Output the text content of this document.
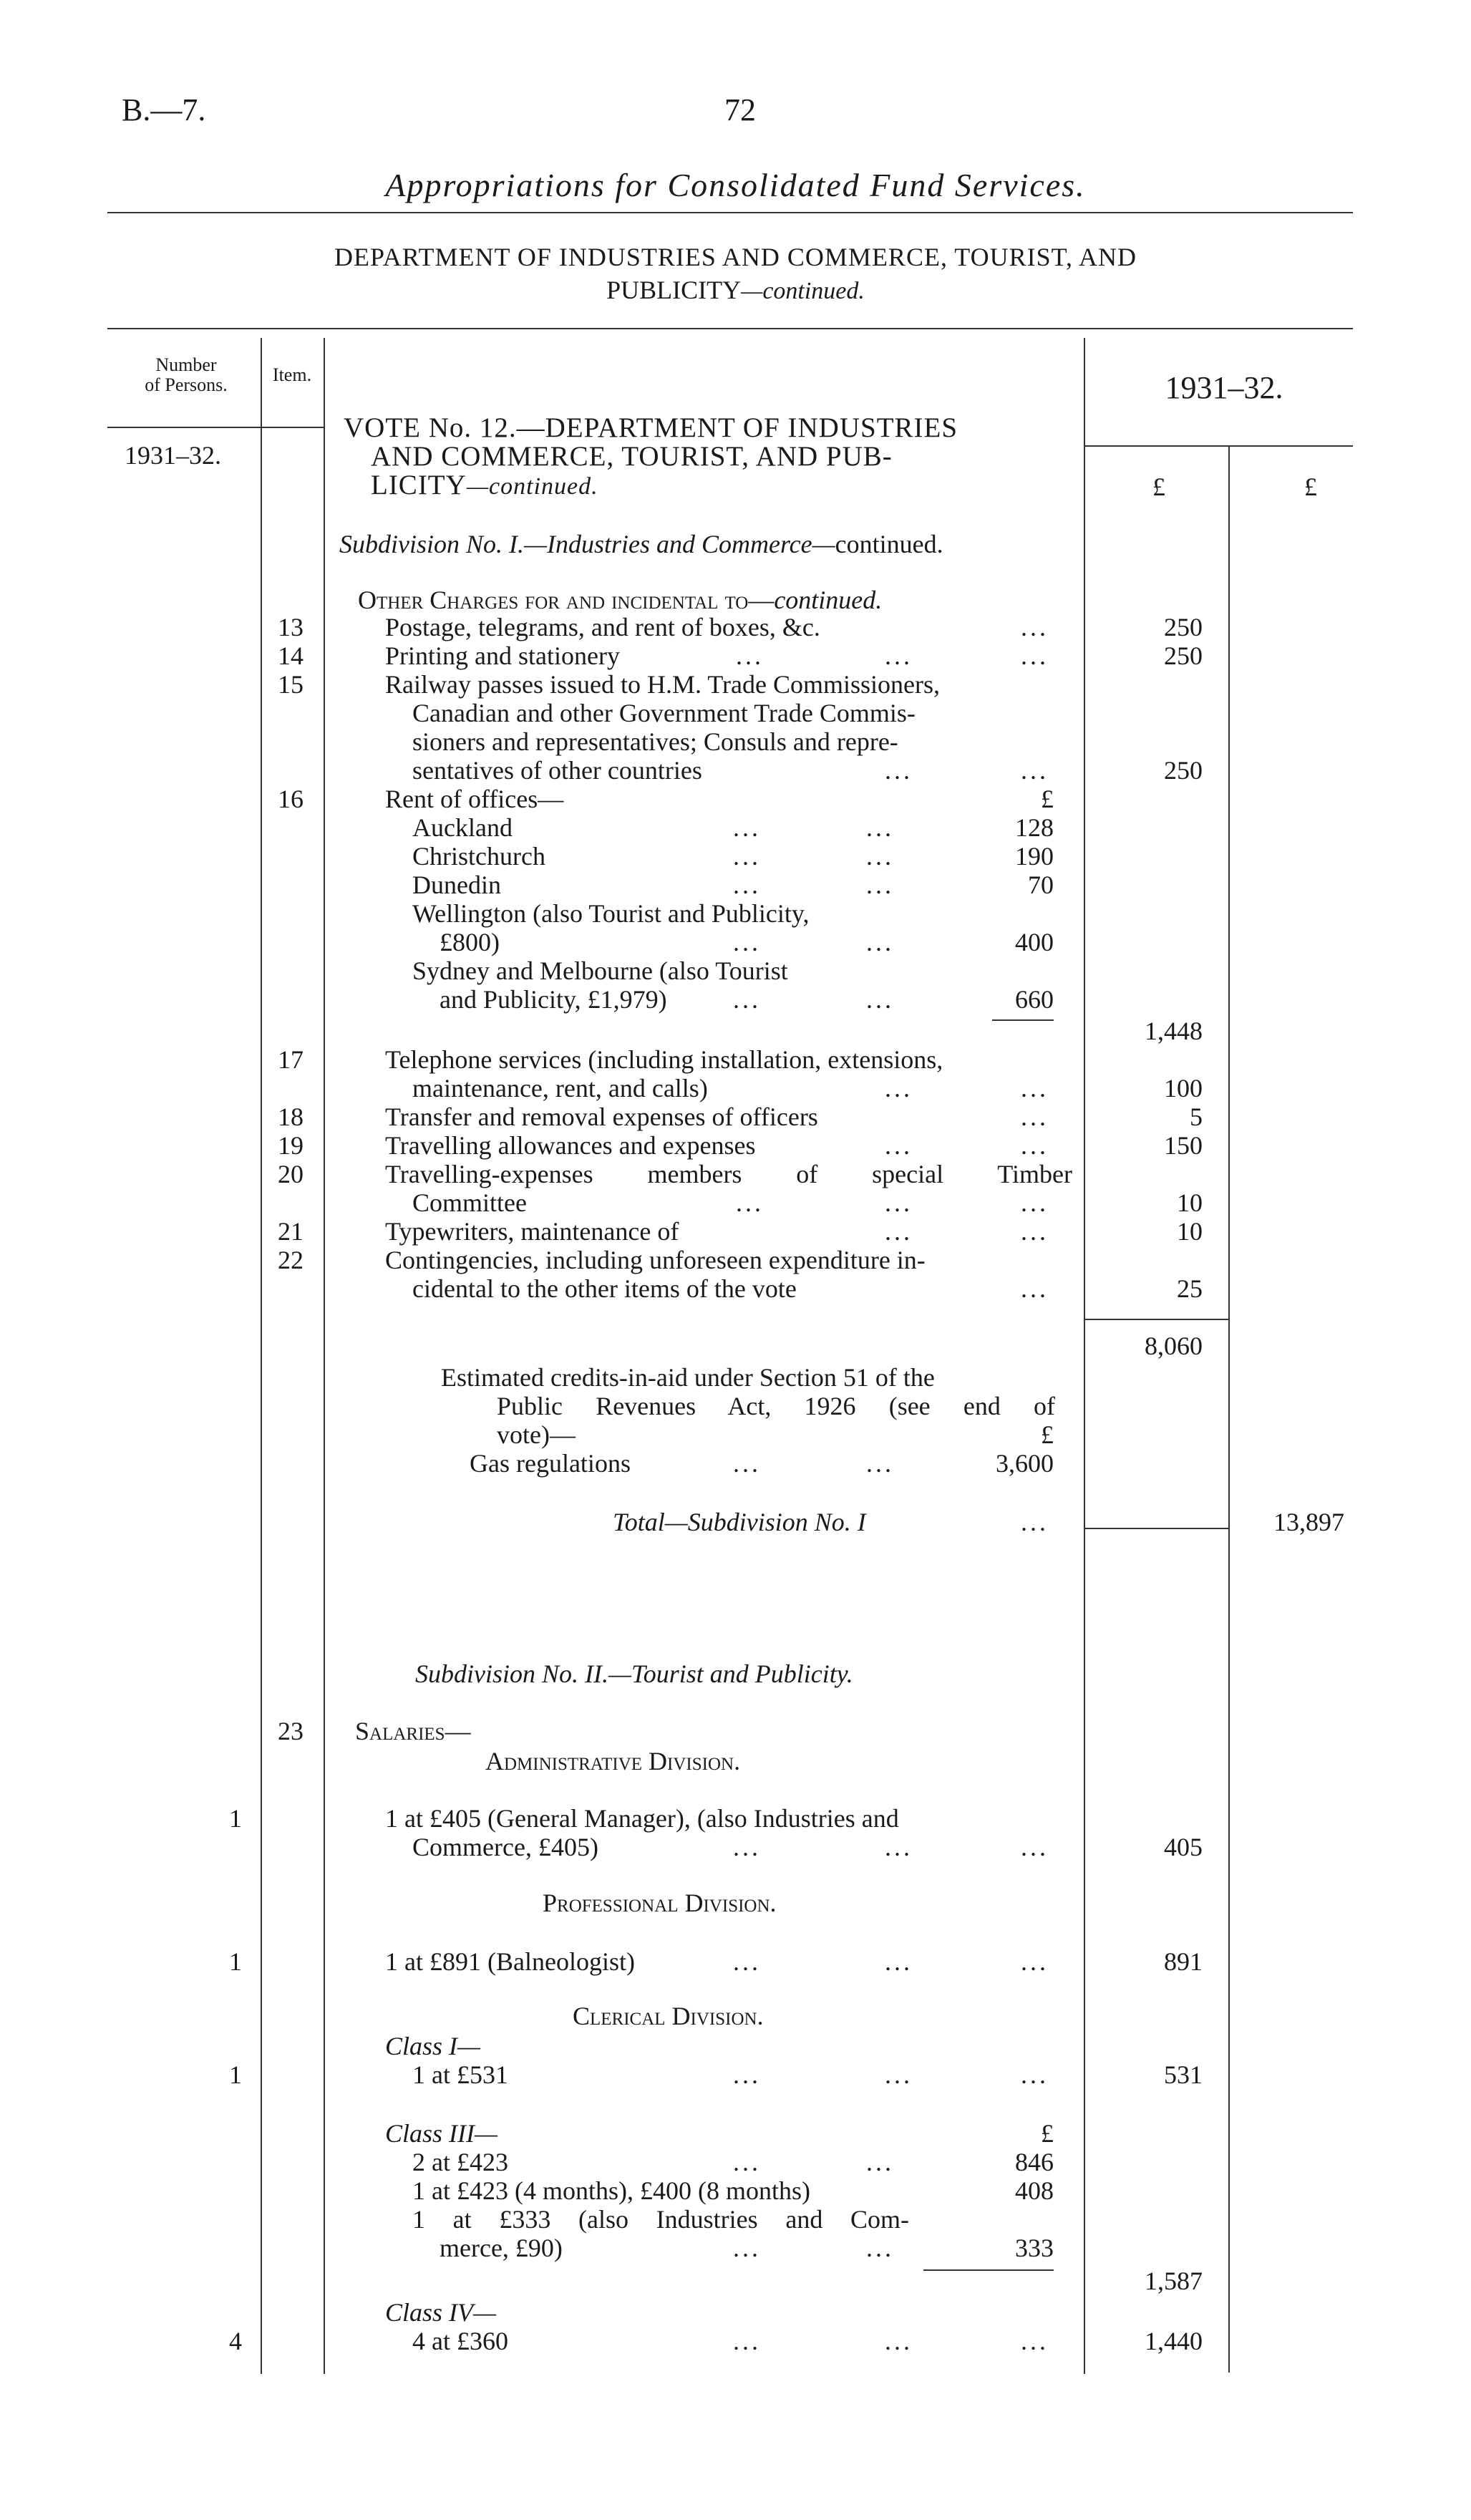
B.—7.	72
Appropriations for Consolidated Fund Services.
DEPARTMENT OF INDUSTRIES AND COMMERCE, TOURIST, AND
PUBLICITY—continued.
Number
of Persons.	Item.	1931–32.
1931–32.
£	£
VOTE No. 12.—DEPARTMENT OF INDUSTRIES
AND COMMERCE, TOURIST, AND PUB-
LICITY—continued.
Subdivision No. I.—Industries and Commerce—continued.
Other Charges for and incidental to—continued.
13	Postage, telegrams, and rent of boxes, &c.	...	250
14	Printing and stationery	...	...	...	250
15	Railway passes issued to H.M. Trade Commissioners,
Canadian and other Government Trade Commis-
sioners and representatives; Consuls and repre-
sentatives of other countries	...	...	250
16	Rent of offices—	£
Auckland	...	...	128
Christchurch	...	...	190
Dunedin	...	...	70
Wellington (also Tourist and Publicity,
£800)	...	...	400
Sydney and Melbourne (also Tourist
and Publicity, £1,979)	...	...	660
1,448
17	Telephone services (including installation, extensions,
maintenance, rent, and calls)	...	...	100
18	Transfer and removal expenses of officers	...	5
19	Travelling allowances and expenses	...	...	150
20	Travelling-expenses members of special Timber
Committee	...	...	...	10
21	Typewriters, maintenance of	...	...	10
22	Contingencies, including unforeseen expenditure in-
cidental to the other items of the vote	...	25
8,060
Estimated credits-in-aid under Section 51 of the
Public Revenues Act, 1926 (see end of
vote)—	£
Gas regulations	...	...	3,600
Total—Subdivision No. I	...	13,897
Subdivision No. II.—Tourist and Publicity.
23 Salaries—
Administrative Division.
1	1 at £405 (General Manager), (also Industries and
Commerce, £405)	...	...	...	405
Professional Division.
1	1 at £891 (Balneologist)	...	...	...	891
Clerical Division.
Class I—
1	1 at £531	...	...	...	531
Class III—	£
2 at £423	...	...	846
1 at £423 (4 months), £400 (8 months)	408
1 at £333 (also Industries and Com-
merce, £90)	...	...	333
1,587
Class IV—
4	4 at £360	...	...	...	1,440
